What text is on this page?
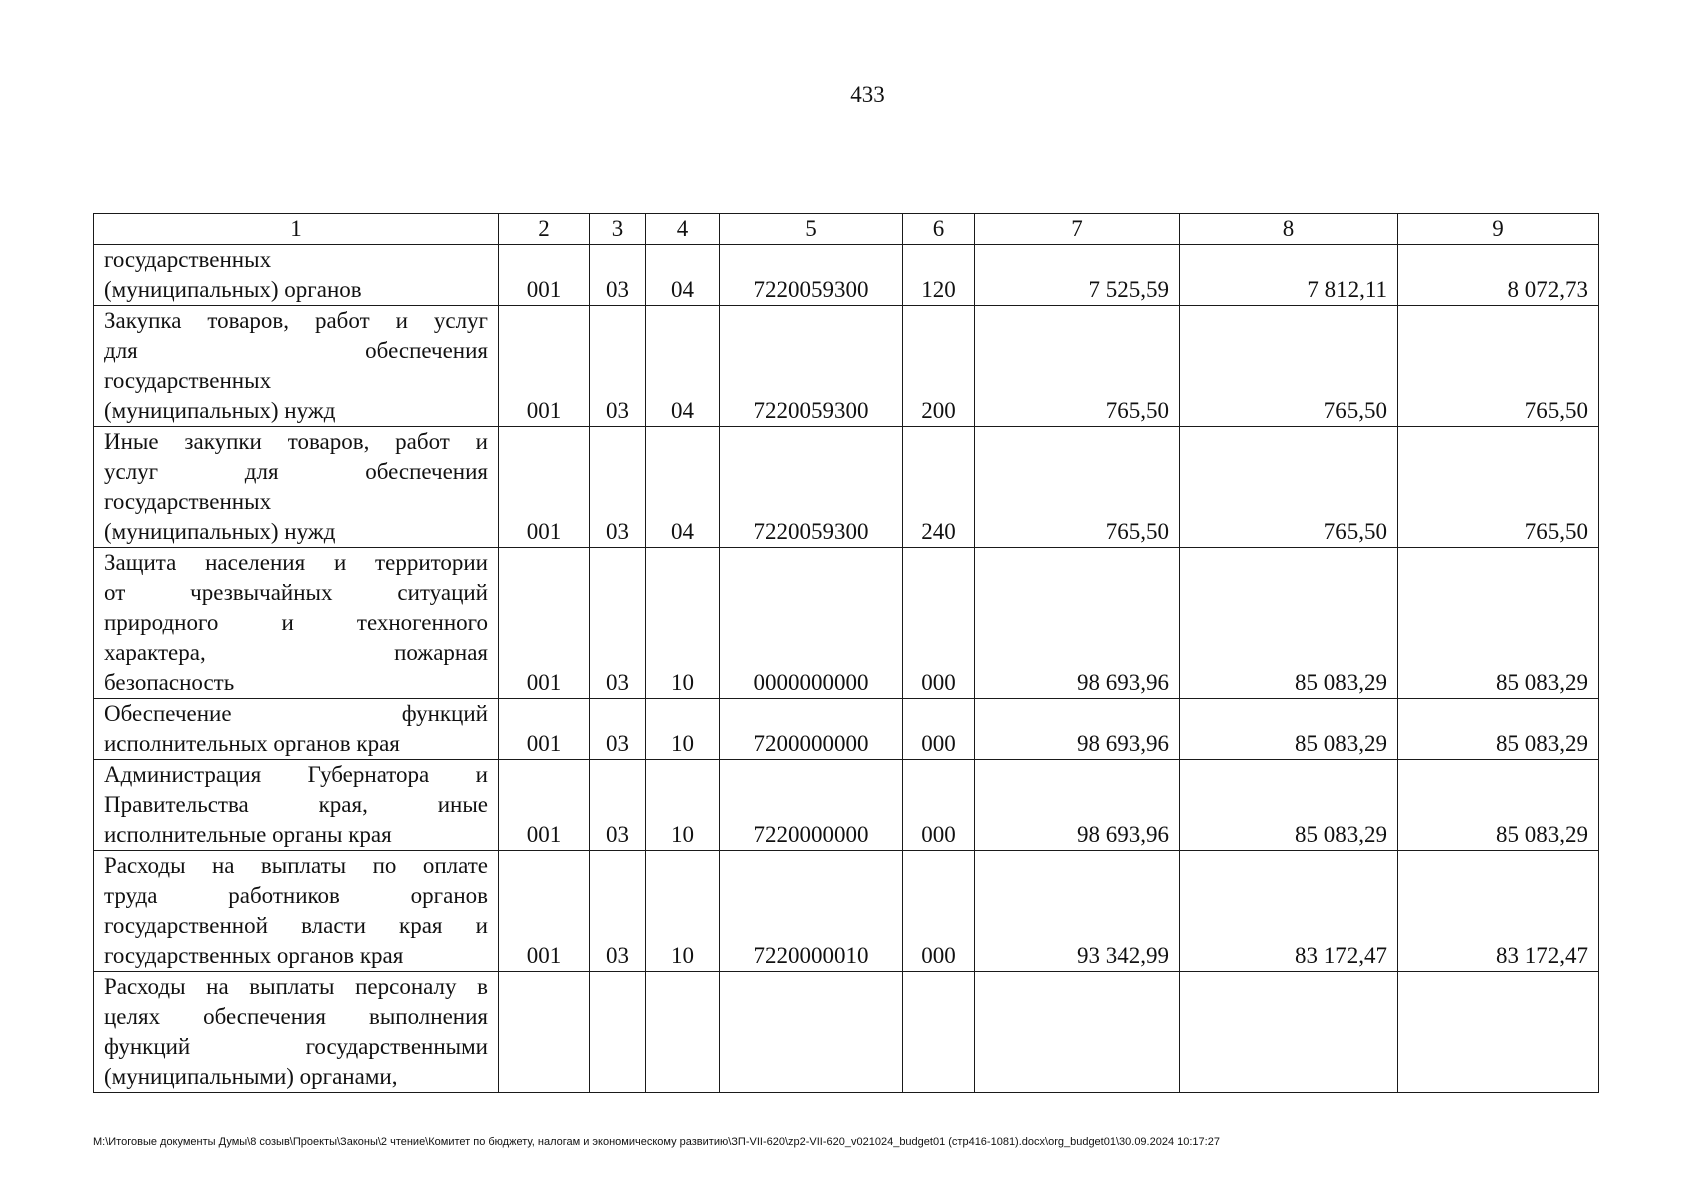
433
1	2	3	4	5	6	7	8	9

государственных
(муниципальных) органов	001	03	04	7220059300	120	7 525,59	7 812,11	8 072,73

Закупка товаров, работ и услуг
для обеспечения
государственных
(муниципальных) нужд	001	03	04	7220059300	200	765,50	765,50	765,50

Иные закупки товаров, работ и
услуг для обеспечения
государственных
(муниципальных) нужд	001	03	04	7220059300	240	765,50	765,50	765,50

Защита населения и территории
от чрезвычайных ситуаций
природного и техногенного
характера, пожарная
безопасность	001	03	10	0000000000	000	98 693,96	85 083,29	85 083,29

Обеспечение функций
исполнительных органов края	001	03	10	7200000000	000	98 693,96	85 083,29	85 083,29

Администрация Губернатора и
Правительства края, иные
исполнительные органы края	001	03	10	7220000000	000	98 693,96	85 083,29	85 083,29

Расходы на выплаты по оплате
труда работников органов
государственной власти края и
государственных органов края	001	03	10	7220000010	000	93 342,99	83 172,47	83 172,47

Расходы на выплаты персоналу в
целях обеспечения выполнения
функций государственными
(муниципальными) органами,								

M:\Итоговые документы Думы\8 созыв\Проекты\Законы\2 чтение\Комитет по бюджету, налогам и экономическому развитию\ЗП-VII-620\zp2-VII-620_v021024_budget01 (стр416-1081).docx\org_budget01\30.09.2024 10:17:27
